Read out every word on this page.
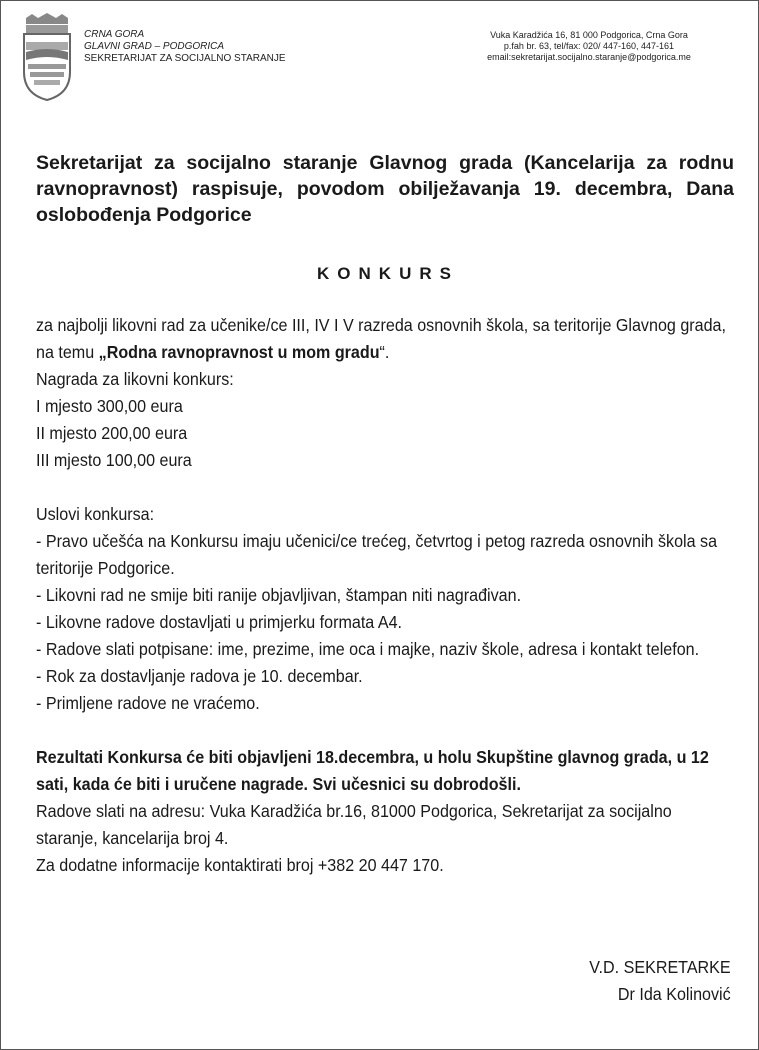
CRNA GORA
GLAVNI GRAD – PODGORICA
SEKRETARIJAT ZA SOCIJALNO STARANJE
Vuka Karadžića 16, 81 000 Podgorica, Crna Gora
p.fah br. 63, tel/fax: 020/ 447-160, 447-161
email:sekretarijat.socijalno.staranje@podgorica.me

Sekretarijat za socijalno staranje Glavnog grada (Kancelarija za rodnu ravnopravnost) raspisuje, povodom obilježavanja 19. decembra, Dana oslobođenja Podgorice

KONKURS

za najbolji likovni rad za učenike/ce III, IV I V razreda osnovnih škola, sa teritorije Glavnog grada, na temu „Rodna ravnopravnost u mom gradu“.

Nagrada za likovni konkurs:
I mjesto 300,00 eura
II mjesto 200,00 eura
III mjesto 100,00 eura
Uslovi konkursa:

- Pravo učešća na Konkursu imaju učenici/ce trećeg, četvrtog i petog razreda osnovnih škola sa teritorije Podgorice.

- Likovni rad ne smije biti ranije objavljivan, štampan niti nagrađivan.
- Likovne radove dostavljati u primjerku formata A4.

- Radove slati potpisane: ime, prezime, ime oca i majke, naziv škole, adresa i kontakt telefon.

- Rok za dostavljanje radova je 10. decembar.
- Primljene radove ne vraćemo.

Rezultati Konkursa će biti objavljeni 18.decembra, u holu Skupštine glavnog grada, u 12 sati, kada će biti i uručene nagrade. Svi učesnici su dobrodošli.

Radove slati na adresu: Vuka Karadžića br.16, 81000 Podgorica, Sekretarijat za socijalno staranje, kancelarija broj 4.

Za dodatne informacije kontaktirati broj +382 20 447 170.
V.D. SEKRETARKE
Dr Ida Kolinović
